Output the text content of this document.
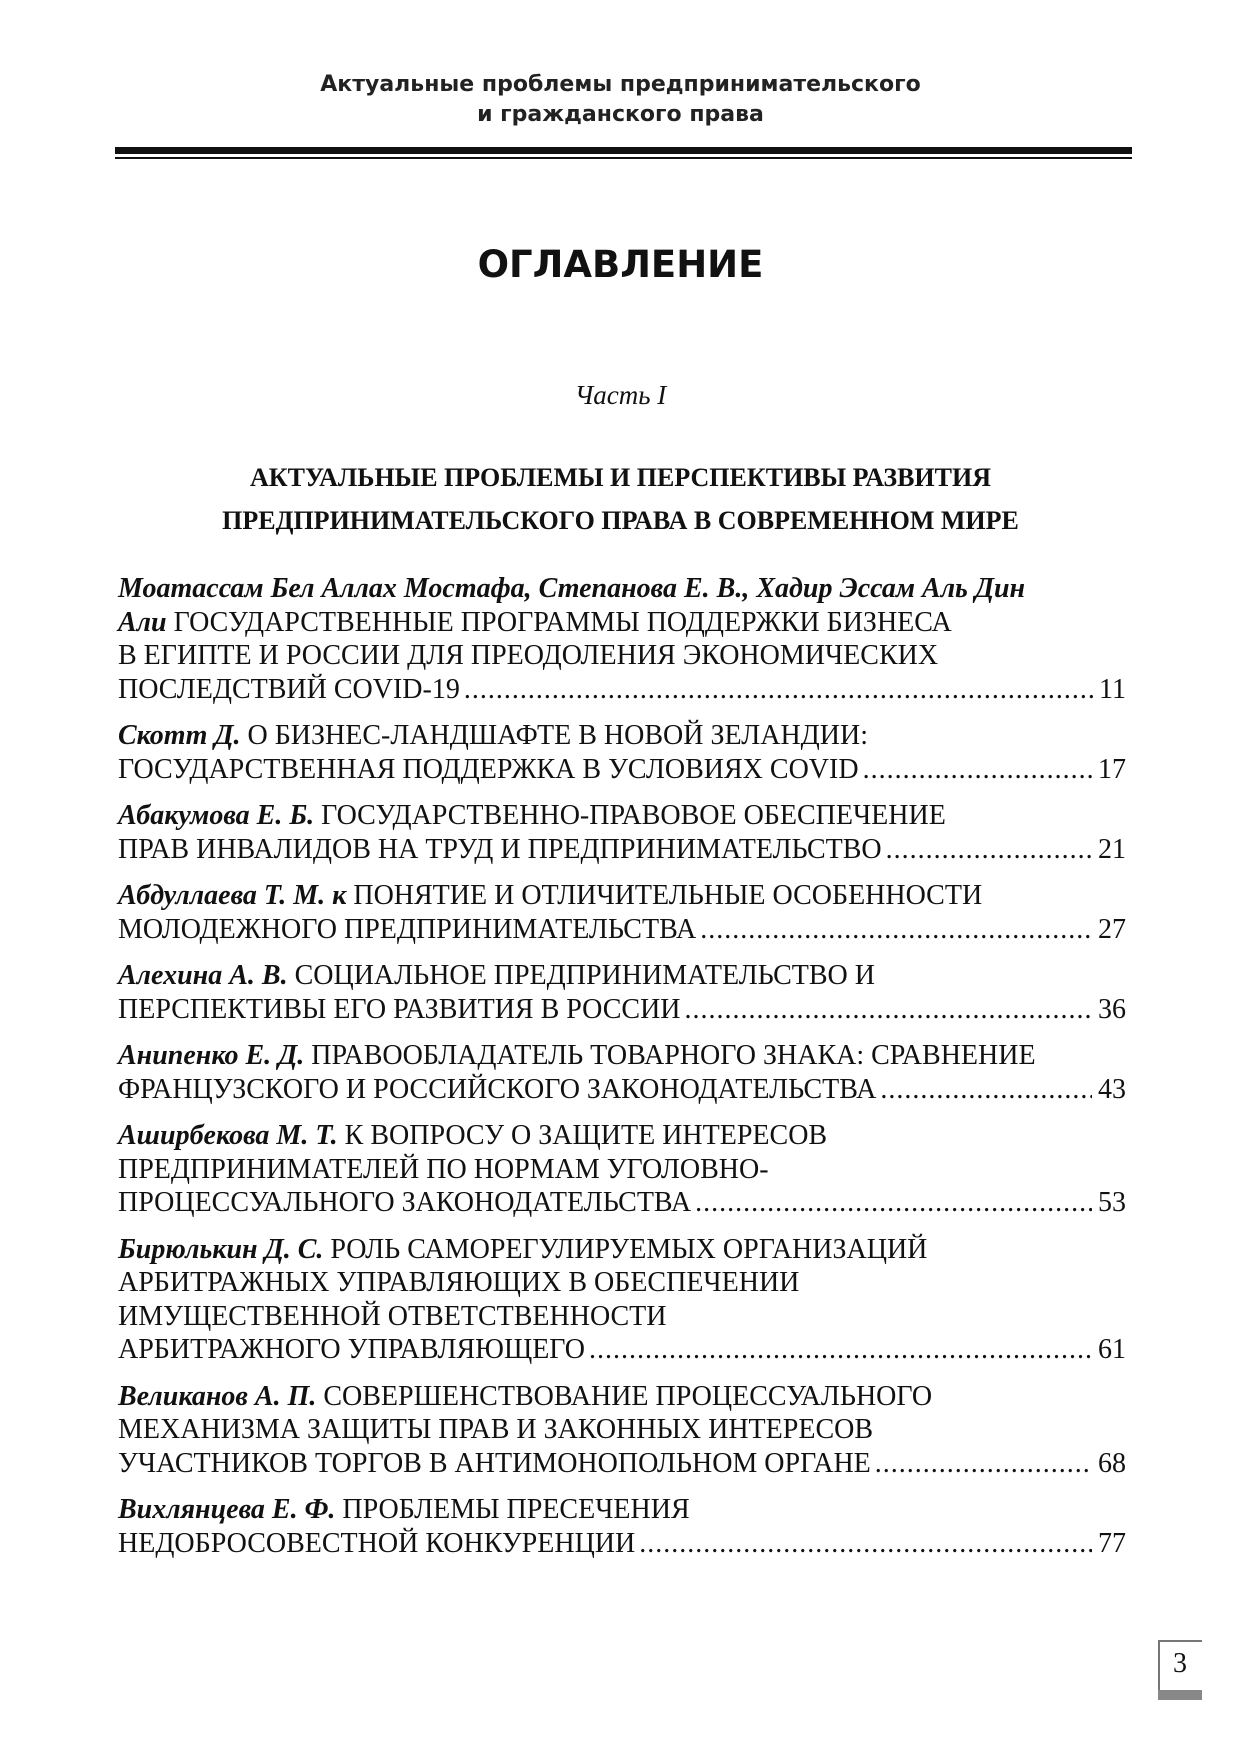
Актуальные проблемы предпринимательского
и гражданского права
ОГЛАВЛЕНИЕ
Часть I
АКТУАЛЬНЫЕ ПРОБЛЕМЫ И ПЕРСПЕКТИВЫ РАЗВИТИЯ
ПРЕДПРИНИМАТЕЛЬСКОГО ПРАВА В СОВРЕМЕННОМ МИРЕ
Моатассам Бел Аллах Мостафа, Степанова Е. В., Хадир Эссам Аль Дин
Али ГОСУДАРСТВЕННЫЕ ПРОГРАММЫ ПОДДЕРЖКИ БИЗНЕСА
В ЕГИПТЕ И РОССИИ ДЛЯ ПРЕОДОЛЕНИЯ ЭКОНОМИЧЕСКИХ
ПОСЛЕДСТВИЙ COVID-19 .....	11
Скотт Д. О БИЗНЕС-ЛАНДШАФТЕ В НОВОЙ ЗЕЛАНДИИ:
ГОСУДАРСТВЕННАЯ ПОДДЕРЖКА В УСЛОВИЯХ COVID .....	17
Абакумова Е. Б. ГОСУДАРСТВЕННО-ПРАВОВОЕ ОБЕСПЕЧЕНИЕ
ПРАВ ИНВАЛИДОВ НА ТРУД И ПРЕДПРИНИМАТЕЛЬСТВО .....	21
Абдуллаева Т. М. к ПОНЯТИЕ И ОТЛИЧИТЕЛЬНЫЕ ОСОБЕННОСТИ
МОЛОДЕЖНОГО ПРЕДПРИНИМАТЕЛЬСТВА .....	27
Алехина А. В. СОЦИАЛЬНОЕ ПРЕДПРИНИМАТЕЛЬСТВО И
ПЕРСПЕКТИВЫ ЕГО РАЗВИТИЯ В РОССИИ .....	36
Анипенко Е. Д. ПРАВООБЛАДАТЕЛЬ ТОВАРНОГО ЗНАКА: СРАВНЕНИЕ
ФРАНЦУЗСКОГО И РОССИЙСКОГО ЗАКОНОДАТЕЛЬСТВА .....	43
Аширбекова М. Т. К ВОПРОСУ О ЗАЩИТЕ ИНТЕРЕСОВ
ПРЕДПРИНИМАТЕЛЕЙ ПО НОРМАМ УГОЛОВНО-
ПРОЦЕССУАЛЬНОГО ЗАКОНОДАТЕЛЬСТВА .....	53
Бирюлькин Д. С. РОЛЬ САМОРЕГУЛИРУЕМЫХ ОРГАНИЗАЦИЙ
АРБИТРАЖНЫХ УПРАВЛЯЮЩИХ В ОБЕСПЕЧЕНИИ
ИМУЩЕСТВЕННОЙ ОТВЕТСТВЕННОСТИ
АРБИТРАЖНОГО УПРАВЛЯЮЩЕГО .....	61
Великанов А. П. СОВЕРШЕНСТВОВАНИЕ ПРОЦЕССУАЛЬНОГО
МЕХАНИЗМА ЗАЩИТЫ ПРАВ И ЗАКОННЫХ ИНТЕРЕСОВ
УЧАСТНИКОВ ТОРГОВ В АНТИМОНОПОЛЬНОМ ОРГАНЕ .....	68
Вихлянцева Е. Ф. ПРОБЛЕМЫ ПРЕСЕЧЕНИЯ
НЕДОБРОСОВЕСТНОЙ КОНКУРЕНЦИИ .....	77
3
